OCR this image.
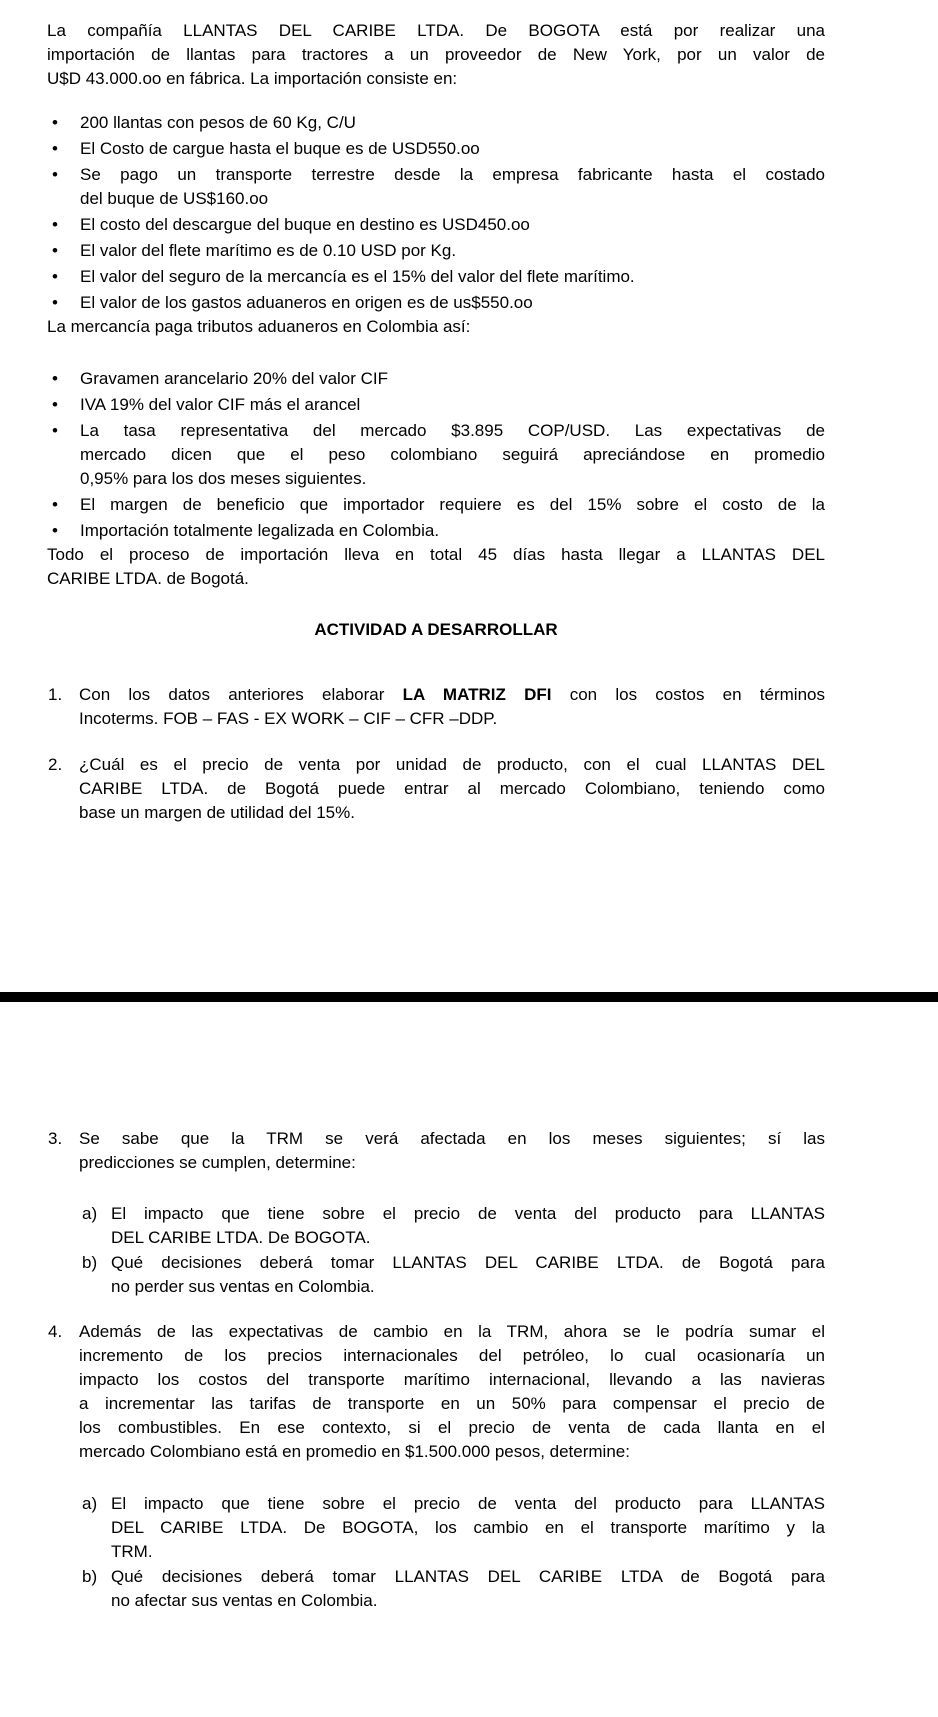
La compañía LLANTAS DEL CARIBE LTDA. De BOGOTA está por realizar una
importación de llantas para tractores a un proveedor de New York, por un valor de
U$D 43.000.oo en fábrica. La importación consiste en:
• 200 llantas con pesos de 60 Kg, C/U
• El Costo de cargue hasta el buque es de USD550.oo
• Se pago un transporte terrestre desde la empresa fabricante hasta el costado
del buque de US$160.oo
• El costo del descargue del buque en destino es USD450.oo
• El valor del flete marítimo es de 0.10 USD por Kg.
• El valor del seguro de la mercancía es el 15% del valor del flete marítimo.
• El valor de los gastos aduaneros en origen es de us$550.oo
La mercancía paga tributos aduaneros en Colombia así:
• Gravamen arancelario 20% del valor CIF
• IVA 19% del valor CIF más el arancel
• La tasa representativa del mercado $3.895 COP/USD. Las expectativas de
mercado dicen que el peso colombiano seguirá apreciándose en promedio
0,95% para los dos meses siguientes.
• El margen de beneficio que importador requiere es del 15% sobre el costo de la
• Importación totalmente legalizada en Colombia.
Todo el proceso de importación lleva en total 45 días hasta llegar a LLANTAS DEL
CARIBE LTDA. de Bogotá.
ACTIVIDAD A DESARROLLAR
1. Con los datos anteriores elaborar LA MATRIZ DFI con los costos en términos
Incoterms. FOB – FAS - EX WORK – CIF – CFR –DDP.
2. ¿Cuál es el precio de venta por unidad de producto, con el cual LLANTAS DEL
CARIBE LTDA. de Bogotá puede entrar al mercado Colombiano, teniendo como
base un margen de utilidad del 15%.
3. Se sabe que la TRM se verá afectada en los meses siguientes; sí las
predicciones se cumplen, determine:
a) El impacto que tiene sobre el precio de venta del producto para LLANTAS
DEL CARIBE LTDA. De BOGOTA.
b) Qué decisiones deberá tomar LLANTAS DEL CARIBE LTDA. de Bogotá para
no perder sus ventas en Colombia.
4. Además de las expectativas de cambio en la TRM, ahora se le podría sumar el
incremento de los precios internacionales del petróleo, lo cual ocasionaría un
impacto los costos del transporte marítimo internacional, llevando a las navieras
a incrementar las tarifas de transporte en un 50% para compensar el precio de
los combustibles. En ese contexto, si el precio de venta de cada llanta en el
mercado Colombiano está en promedio en $1.500.000 pesos, determine:
a) El impacto que tiene sobre el precio de venta del producto para LLANTAS
DEL CARIBE LTDA. De BOGOTA, los cambio en el transporte marítimo y la
TRM.
b) Qué decisiones deberá tomar LLANTAS DEL CARIBE LTDA de Bogotá para
no afectar sus ventas en Colombia.
